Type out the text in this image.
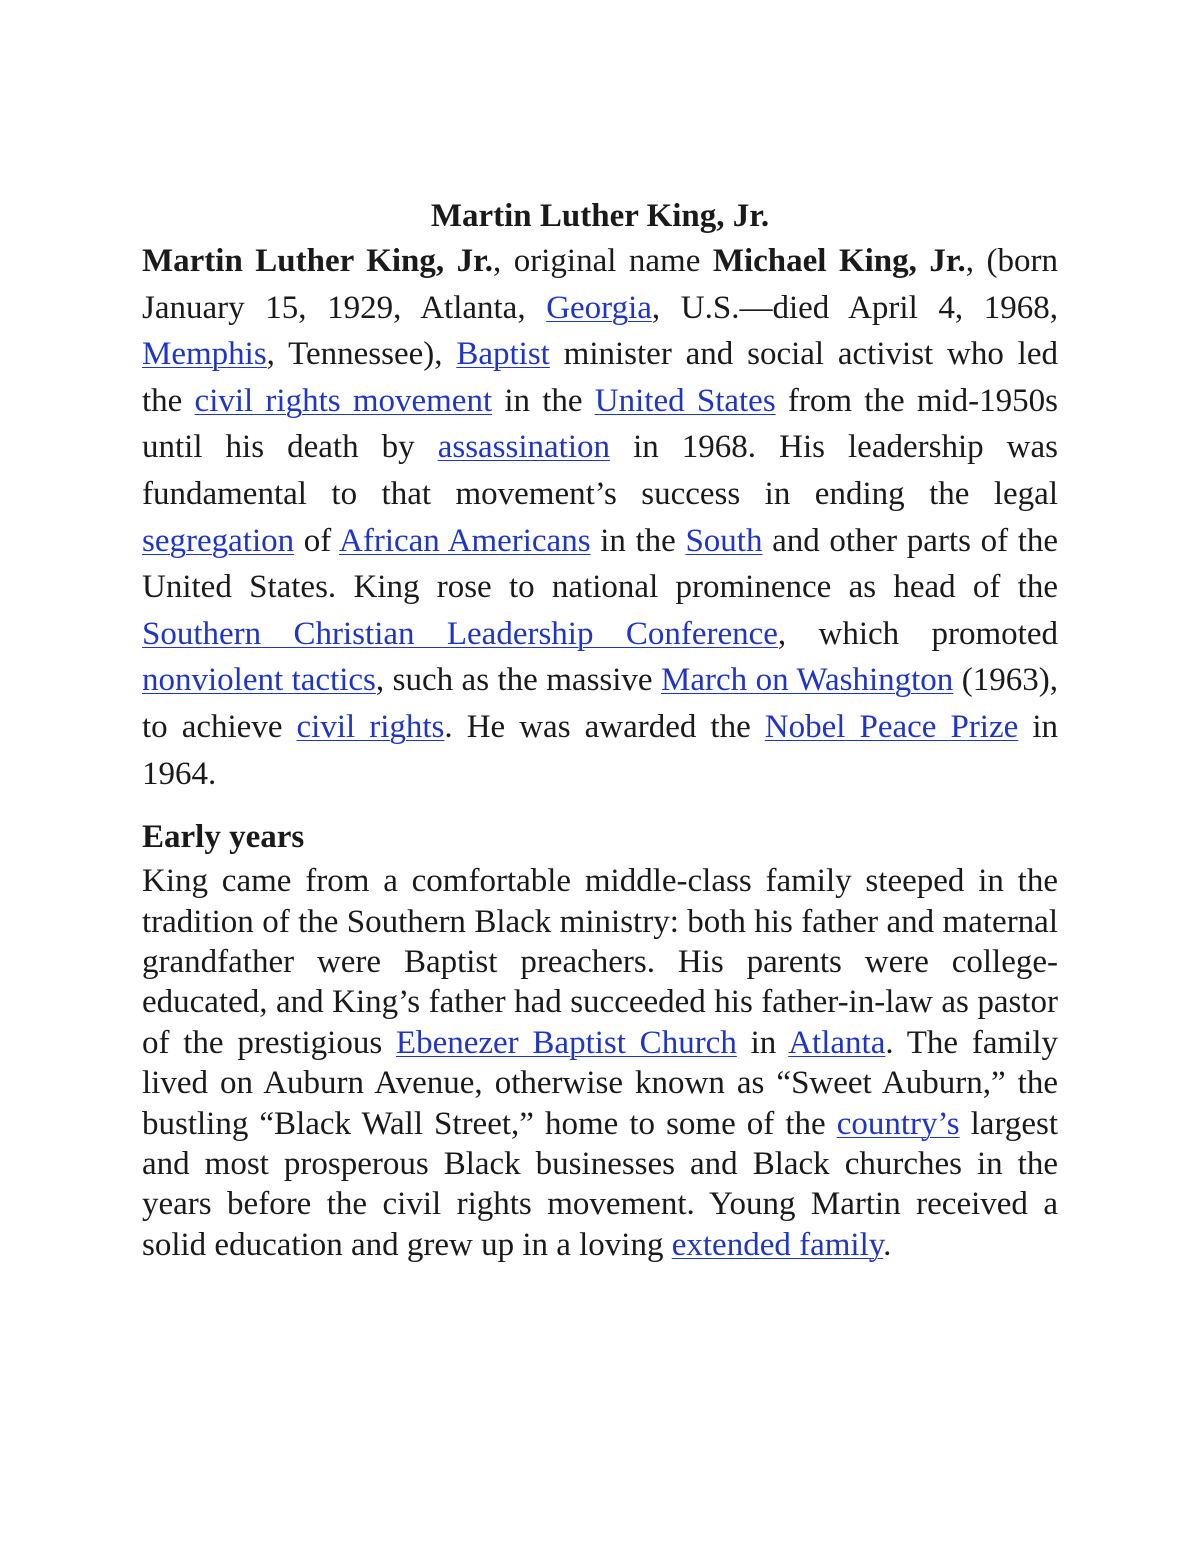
Martin Luther King, Jr.

Martin Luther King, Jr., original name Michael King, Jr., (born January 15, 1929, Atlanta, Georgia, U.S.—died April 4, 1968, Memphis, Tennessee), Baptist minister and social activist who led the civil rights movement in the United States from the mid-1950s until his death by assassination in 1968. His leadership was fundamental to that movement’s success in ending the legal segregation of African Americans in the South and other parts of the United States. King rose to national prominence as head of the Southern Christian Leadership Conference, which promoted nonviolent tactics, such as the massive March on Washington (1963), to achieve civil rights. He was awarded the Nobel Peace Prize in 1964.

Early years

King came from a comfortable middle-class family steeped in the tradition of the Southern Black ministry: both his father and maternal grandfather were Baptist preachers. His parents were college-educated, and King’s father had succeeded his father-in-law as pastor of the prestigious Ebenezer Baptist Church in Atlanta. The family lived on Auburn Avenue, otherwise known as “Sweet Auburn,” the bustling “Black Wall Street,” home to some of the country’s largest and most prosperous Black businesses and Black churches in the years before the civil rights movement. Young Martin received a solid education and grew up in a loving extended family.
